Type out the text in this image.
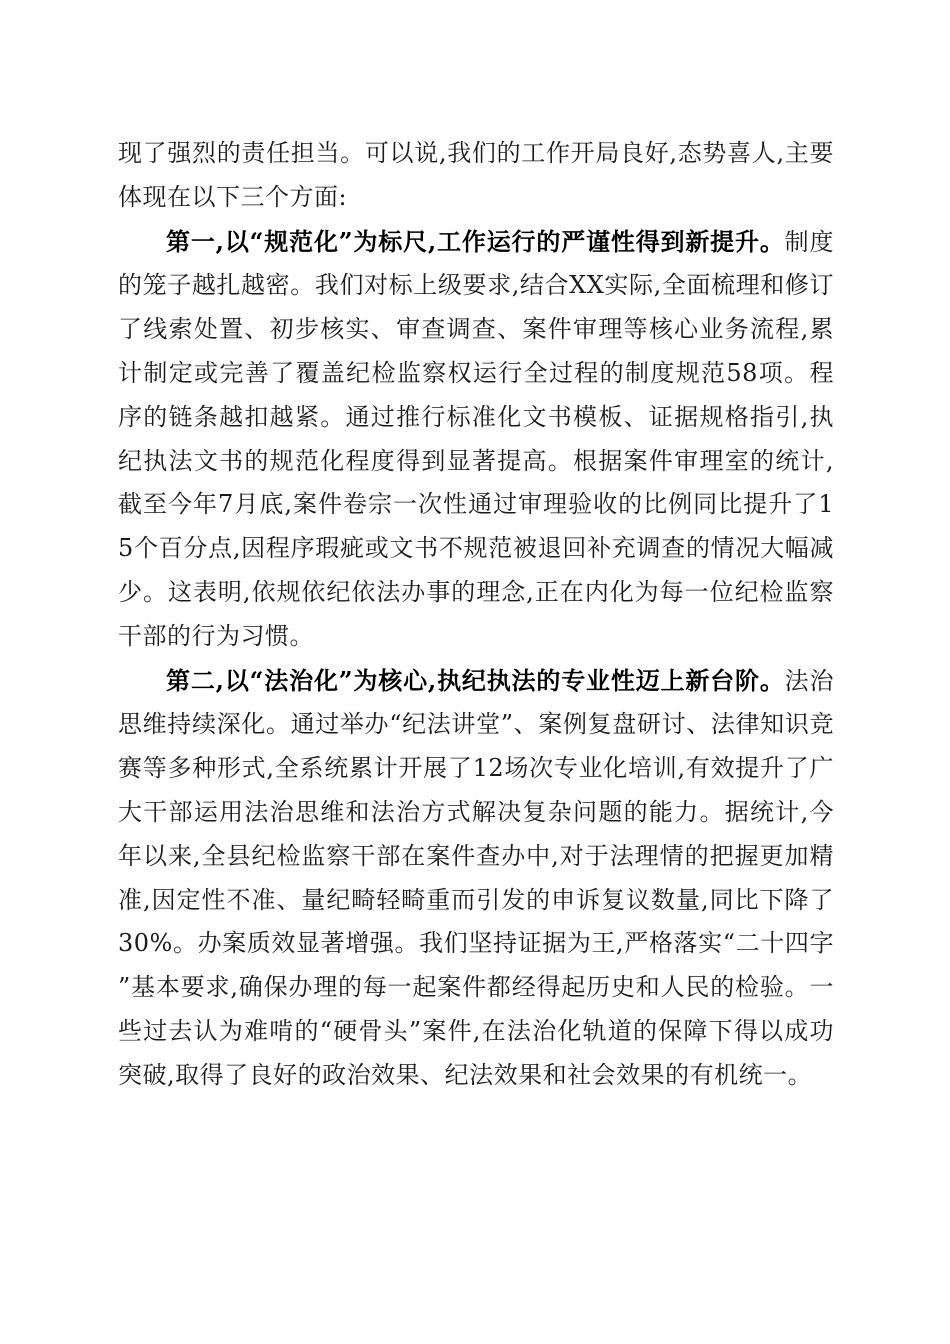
现了强烈的责任担当。可以说,我们的工作开局良好,态势喜人,主要体现在以下三个方面:

第一,以“规范化”为标尺,工作运行的严谨性得到新提升。制度的笼子越扎越密。我们对标上级要求,结合XX实际,全面梳理和修订了线索处置、初步核实、审查调查、案件审理等核心业务流程,累计制定或完善了覆盖纪检监察权运行全过程的制度规范58项。程序的链条越扣越紧。通过推行标准化文书模板、证据规格指引,执纪执法文书的规范化程度得到显著提高。根据案件审理室的统计,截至今年7月底,案件卷宗一次性通过审理验收的比例同比提升了15个百分点,因程序瑕疵或文书不规范被退回补充调查的情况大幅减少。这表明,依规依纪依法办事的理念,正在内化为每一位纪检监察干部的行为习惯。

第二,以“法治化”为核心,执纪执法的专业性迈上新台阶。法治思维持续深化。通过举办“纪法讲堂”、案例复盘研讨、法律知识竞赛等多种形式,全系统累计开展了12场次专业化培训,有效提升了广大干部运用法治思维和法治方式解决复杂问题的能力。据统计,今年以来,全县纪检监察干部在案件查办中,对于法理情的把握更加精准,因定性不准、量纪畸轻畸重而引发的申诉复议数量,同比下降了30%。办案质效显著增强。我们坚持证据为王,严格落实“二十四字”基本要求,确保办理的每一起案件都经得起历史和人民的检验。一些过去认为难啃的“硬骨头”案件,在法治化轨道的保障下得以成功突破,取得了良好的政治效果、纪法效果和社会效果的有机统一。
